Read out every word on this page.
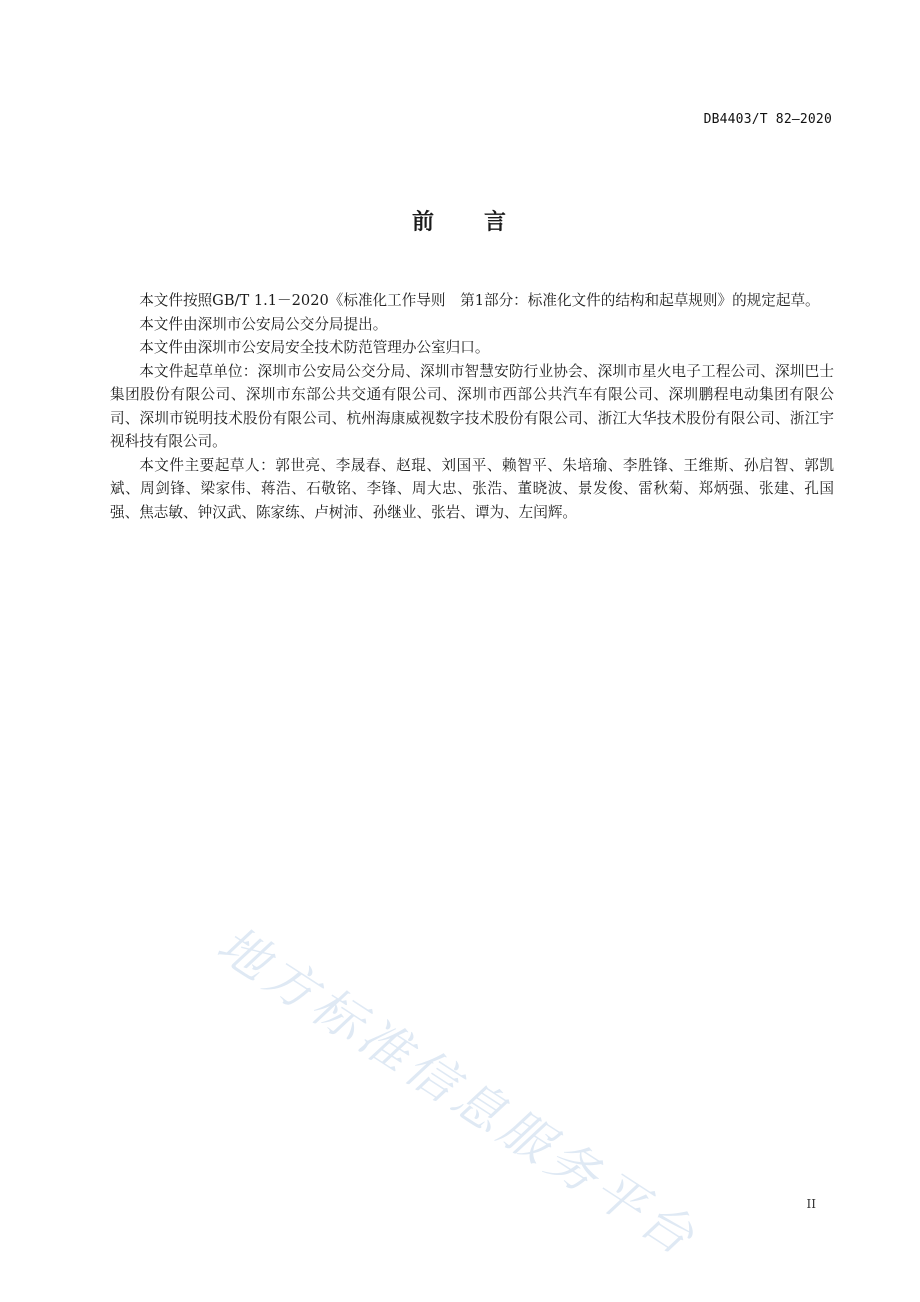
DB4403/T 82—2020
前 言

本文件按照GB/T 1.1－2020《标准化工作导则　第1部分：标准化文件的结构和起草规则》的规定起草。

本文件由深圳市公安局公交分局提出。

本文件由深圳市公安局安全技术防范管理办公室归口。

本文件起草单位：深圳市公安局公交分局、深圳市智慧安防行业协会、深圳市星火电子工程公司、深圳巴士集团股份有限公司、深圳市东部公共交通有限公司、深圳市西部公共汽车有限公司、深圳鹏程电动集团有限公司、深圳市锐明技术股份有限公司、杭州海康威视数字技术股份有限公司、浙江大华技术股份有限公司、浙江宇视科技有限公司。

本文件主要起草人：郭世亮、李晟春、赵琨、刘国平、赖智平、朱培瑜、李胜锋、王维斯、孙启智、郭凯斌、周剑锋、梁家伟、蒋浩、石敬铭、李锋、周大忠、张浩、董晓波、景发俊、雷秋菊、郑炳强、张建、孔国强、焦志敏、钟汉武、陈家练、卢树沛、孙继业、张岩、谭为、左闰辉。

地方标准信息服务平台	II
